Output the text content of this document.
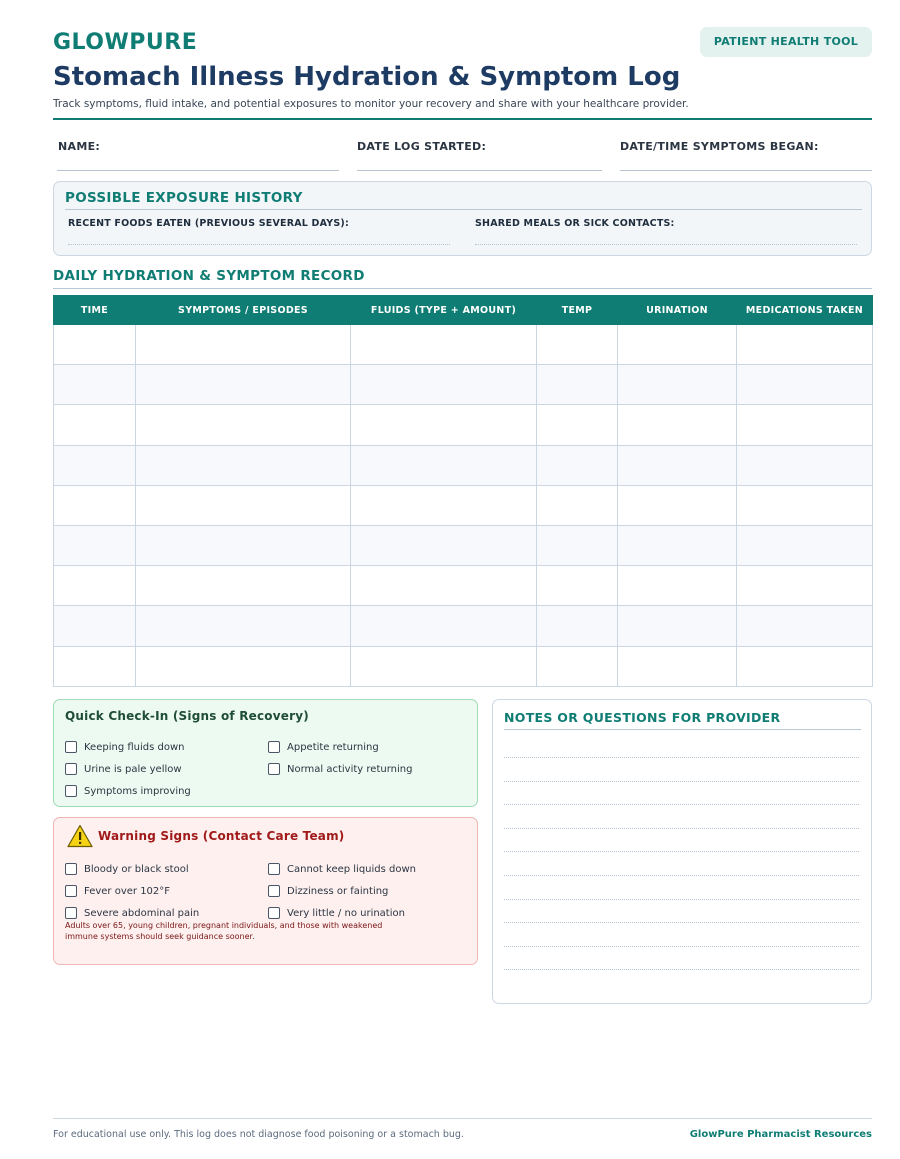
GLOWPURE	PATIENT HEALTH TOOL
Stomach Illness Hydration & Symptom Log
Track symptoms, fluid intake, and potential exposures to monitor your recovery and share with your healthcare provider.
NAME:	DATE LOG STARTED:	DATE/TIME SYMPTOMS BEGAN:
POSSIBLE EXPOSURE HISTORY
RECENT FOODS EATEN (PREVIOUS SEVERAL DAYS):	SHARED MEALS OR SICK CONTACTS:
DAILY HYDRATION & SYMPTOM RECORD
TIME	SYMPTOMS / EPISODES	FLUIDS (TYPE + AMOUNT)	TEMP	URINATION	MEDICATIONS TAKEN

Quick Check-In (Signs of Recovery)
Keeping fluids down	Appetite returning
Urine is pale yellow	Normal activity returning
Symptoms improving
Warning Signs (Contact Care Team)
Bloody or black stool	Cannot keep liquids down
Fever over 102°F	Dizziness or fainting
Severe abdominal pain	Very little / no urination
Adults over 65, young children, pregnant individuals, and those with weakened immune systems should seek guidance sooner.
NOTES OR QUESTIONS FOR PROVIDER
For educational use only. This log does not diagnose food poisoning or a stomach bug.	GlowPure Pharmacist Resources
